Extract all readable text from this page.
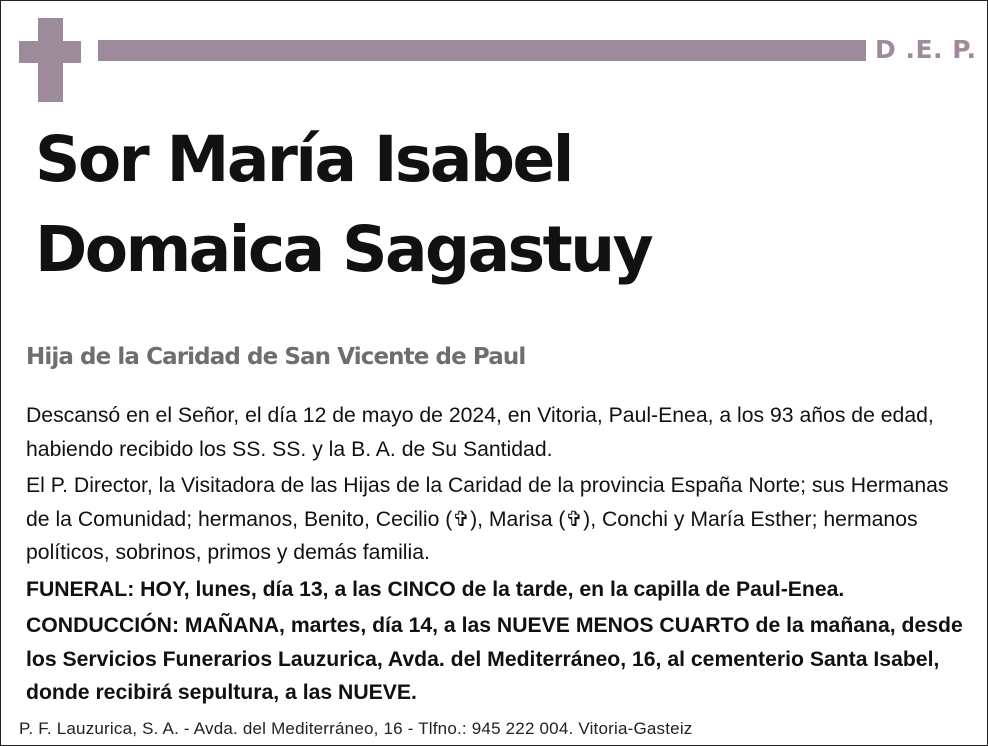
D .E. P.
Sor María Isabel
Domaica Sagastuy
Hija de la Caridad de San Vicente de Paul

Descansó en el Señor, el día 12 de mayo de 2024, en Vitoria, Paul-Enea, a los 93 años de edad, habiendo recibido los SS. SS. y la B. A. de Su Santidad.

El P. Director, la Visitadora de las Hijas de la Caridad de la provincia España Norte; sus Hermanas de la Comunidad; hermanos, Benito, Cecilio (✞), Marisa (✞), Conchi y María Esther; hermanos políticos, sobrinos, primos y demás familia.

FUNERAL: HOY, lunes, día 13, a las CINCO de la tarde, en la capilla de Paul-Enea.

CONDUCCIÓN: MAÑANA, martes, día 14, a las NUEVE MENOS CUARTO de la mañana, desde los Servicios Funerarios Lauzurica, Avda. del Mediterráneo, 16, al cementerio Santa Isabel, donde recibirá sepultura, a las NUEVE.

P. F. Lauzurica, S. A. - Avda. del Mediterráneo, 16 - Tlfno.: 945 222 004. Vitoria-Gasteiz
